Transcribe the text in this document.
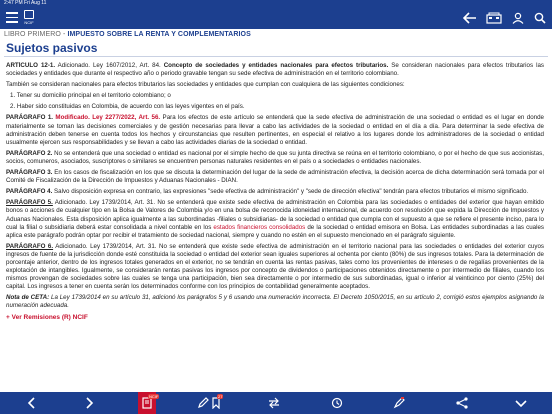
2:47 PM Fri Aug 11
NCIF
LIBRO PRIMERO - IMPUESTO SOBRE LA RENTA Y COMPLEMENTARIOS
Sujetos pasivos

ARTÍCULO 12-1. Adicionado. Ley 1607/2012, Art. 84. Concepto de sociedades y entidades nacionales para efectos tributarios. Se consideran nacionales para efectos tributarios las sociedades y entidades que durante el respectivo año o periodo gravable tengan su sede efectiva de administración en el territorio colombiano.

También se consideran nacionales para efectos tributarios las sociedades y entidades que cumplan con cualquiera de las siguientes condiciones:

1. Tener su domicilio principal en el territorio colombiano; o

2. Haber sido constituidas en Colombia, de acuerdo con las leyes vigentes en el país.

PARÁGRAFO 1. Modificado. Ley 2277/2022, Art. 56. Para los efectos de este artículo se entenderá que la sede efectiva de administración de una sociedad o entidad es el lugar en donde materialmente se toman las decisiones comerciales y de gestión necesarias para llevar a cabo las actividades de la sociedad o entidad en el día a día. Para determinar la sede efectiva de administración deben tenerse en cuenta todos los hechos y circunstancias que resulten pertinentes, en especial el relativo a los lugares donde los administradores de la sociedad o entidad usualmente ejercen sus responsabilidades y se llevan a cabo las actividades diarias de la sociedad o entidad.

PARÁGRAFO 2. No se entenderá que una sociedad o entidad es nacional por el simple hecho de que su junta directiva se reúna en el territorio colombiano, o por el hecho de que sus accionistas, socios, comuneros, asociados, suscriptores o similares se encuentren personas naturales residentes en el país o a sociedades o entidades nacionales.

PARÁGRAFO 3. En los casos de fiscalización en los que se discuta la determinación del lugar de la sede de administración efectiva, la decisión acerca de dicha determinación será tomada por el Comité de Fiscalización de la Dirección de Impuestos y Aduanas Nacionales - DIAN.

PARÁGRAFO 4. Salvo disposición expresa en contrario, las expresiones "sede efectiva de administración" y "sede de dirección efectiva" tendrán para efectos tributarios el mismo significado.

PARÁGRAFO 5. Adicionado. Ley 1739/2014, Art. 31. No se entenderá que existe sede efectiva de administración en Colombia para las sociedades o entidades del exterior que hayan emitido bonos o acciones de cualquier tipo en la Bolsa de Valores de Colombia y/o en una bolsa de reconocida idoneidad internacional, de acuerdo con resolución que expida la Dirección de Impuestos y Aduanas Nacionales. Esta disposición aplica igualmente a las subordinadas -filiales o subsidiarias- de la sociedad o entidad que cumpla con el supuesto a que se refiere el presente inciso, para lo cual la filial o subsidiaria deberá estar consolidada a nivel contable en los estados financieros consolidados de la sociedad o entidad emisora en Bolsa. Las entidades subordinadas a las cuales aplica este parágrafo podrán optar por recibir el tratamiento de sociedad nacional, siempre y cuando no estén en el supuesto mencionado en el parágrafo siguiente.

PARÁGRAFO 6. Adicionado. Ley 1739/2014, Art. 31. No se entenderá que existe sede efectiva de administración en el territorio nacional para las sociedades o entidades del exterior cuyos ingresos de fuente de la jurisdicción donde esté constituida la sociedad o entidad del exterior sean iguales superiores al ochenta por ciento (80%) de sus ingresos totales. Para la determinación de porcentaje anterior, dentro de los ingresos totales generados en el exterior, no se tendrán en cuenta las rentas pasivas, tales como los provenientes de intereses o de regalías provenientes de la explotación de intangibles. Igualmente, se considerarán rentas pasivas los ingresos por concepto de dividendos o participaciones obtenidos directamente o por intermedio de filiales, cuando los mismos provengan de sociedades sobre las cuales se tenga una participación, bien sea directamente o por intermedio de sus subordinadas, igual o inferior al veinticinco por ciento (25%) del capital. Los ingresos a tener en cuenta serán los determinados conforme con los principios de contabilidad generalmente aceptados.

Nota de CETA: La Ley 1739/2014 en su artículo 31, adicionó los parágrafos 5 y 6 usando una numeración incorrecta. El Decreto 1050/2015, en su artículo 2, corrigió estos ejemplos asignando la numeración adecuada.

+ Ver Remisiones (R) NCIF
NCIF	27
